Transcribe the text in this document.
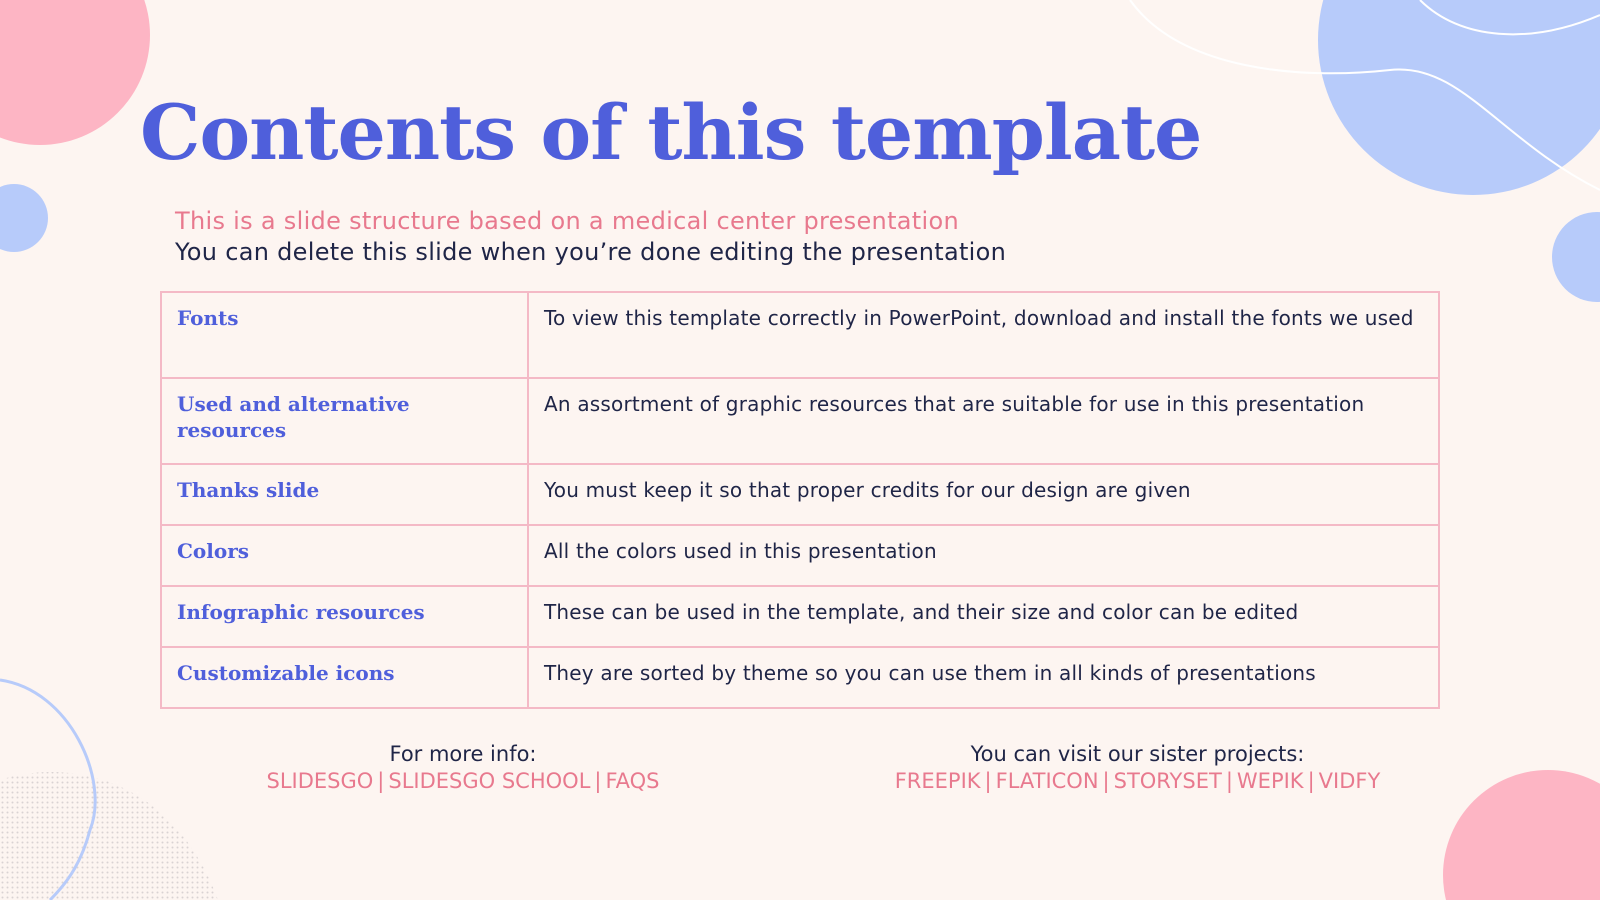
Contents of this template
This is a slide structure based on a medical center presentation
You can delete this slide when you’re done editing the presentation
Fonts	To view this template correctly in PowerPoint, download and install the fonts we used
Used and alternative resources	An assortment of graphic resources that are suitable for use in this presentation
Thanks slide	You must keep it so that proper credits for our design are given
Colors	All the colors used in this presentation
Infographic resources	These can be used in the template, and their size and color can be edited
Customizable icons	They are sorted by theme so you can use them in all kinds of presentations
For more info:
SLIDESGO | SLIDESGO SCHOOL | FAQS
You can visit our sister projects:
FREEPIK | FLATICON | STORYSET | WEPIK | VIDFY
